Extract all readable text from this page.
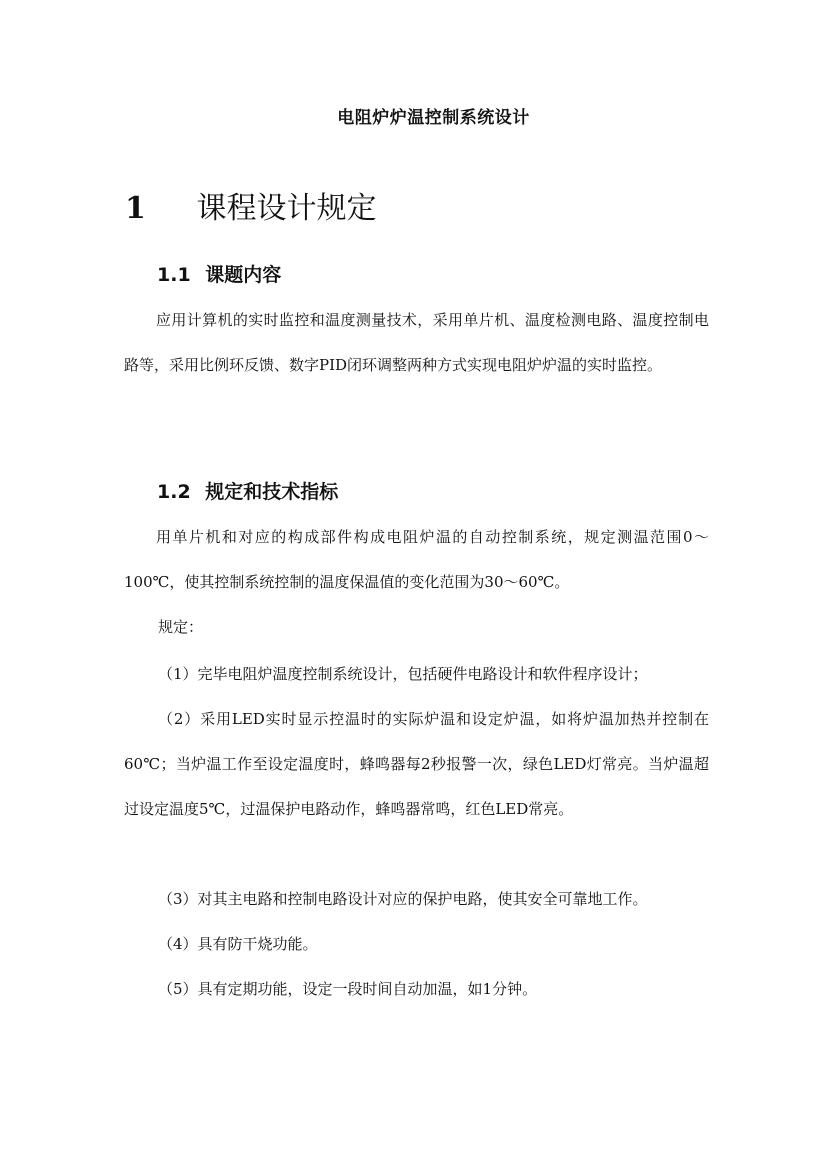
电阻炉炉温控制系统设计
1 课程设计规定
1.1 课题内容

应用计算机的实时监控和温度测量技术，采用单片机、温度检测电路、温度控制电路等，采用比例环反馈、数字PID闭环调整两种方式实现电阻炉炉温的实时监控。

1.2 规定和技术指标

用单片机和对应的构成部件构成电阻炉温的自动控制系统，规定测温范围0～100℃，使其控制系统控制的温度保温值的变化范围为30～60℃。

规定：

（1）完毕电阻炉温度控制系统设计，包括硬件电路设计和软件程序设计；

（2）采用LED实时显示控温时的实际炉温和设定炉温，如将炉温加热并控制在60℃；当炉温工作至设定温度时，蜂鸣器每2秒报警一次，绿色LED灯常亮。当炉温超过设定温度5℃，过温保护电路动作，蜂鸣器常鸣，红色LED常亮。

（3）对其主电路和控制电路设计对应的保护电路，使其安全可靠地工作。

（4）具有防干烧功能。

（5）具有定期功能，设定一段时间自动加温，如1分钟。
